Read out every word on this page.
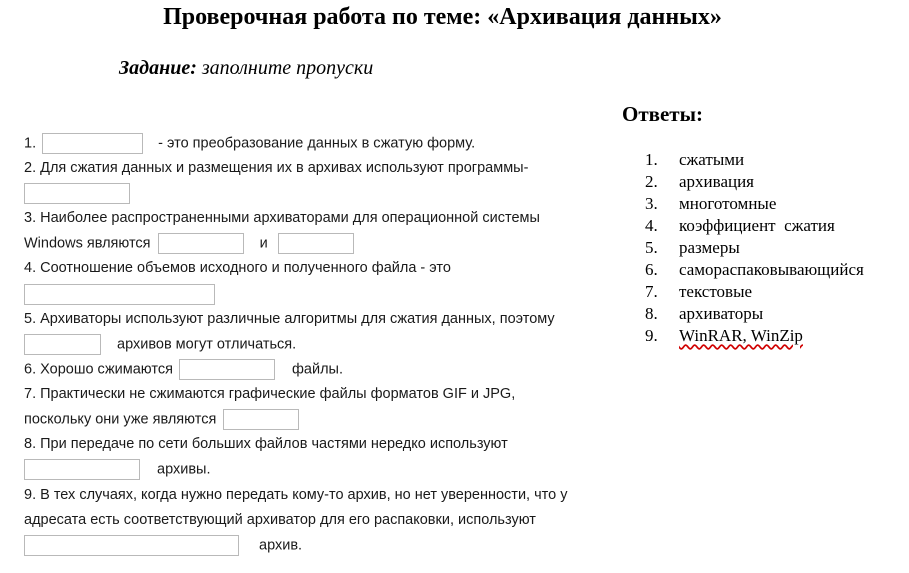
Проверочная работа по теме: «Архивация данных»
Задание: заполните пропуски
1.	- это преобразование данных в сжатую форму.
2. Для сжатия данных и размещения их в архивах используют программы-
3. Наиболее распространенными архиваторами для операционной системы
Windows являются	и
4. Соотношение объемов исходного и полученного файла - это
5. Архиваторы используют различные алгоритмы для сжатия данных, поэтому
архивов могут отличаться.
6. Хорошо сжимаются	файлы.
7. Практически не сжимаются графические файлы форматов GIF и JPG,
поскольку они уже являются
8. При передаче по сети больших файлов частями нередко используют
архивы.
9. В тех случаях, когда нужно передать кому-то архив, но нет уверенности, что у
адресата есть соответствующий архиватор для его распаковки, используют
архив.
Ответы:
1. сжатыми
2. архивация
3. многотомные
4. коэффициент  сжатия
5. размеры
6. самораспаковывающийся
7. текстовые
8. архиваторы
9. WinRAR, WinZip
